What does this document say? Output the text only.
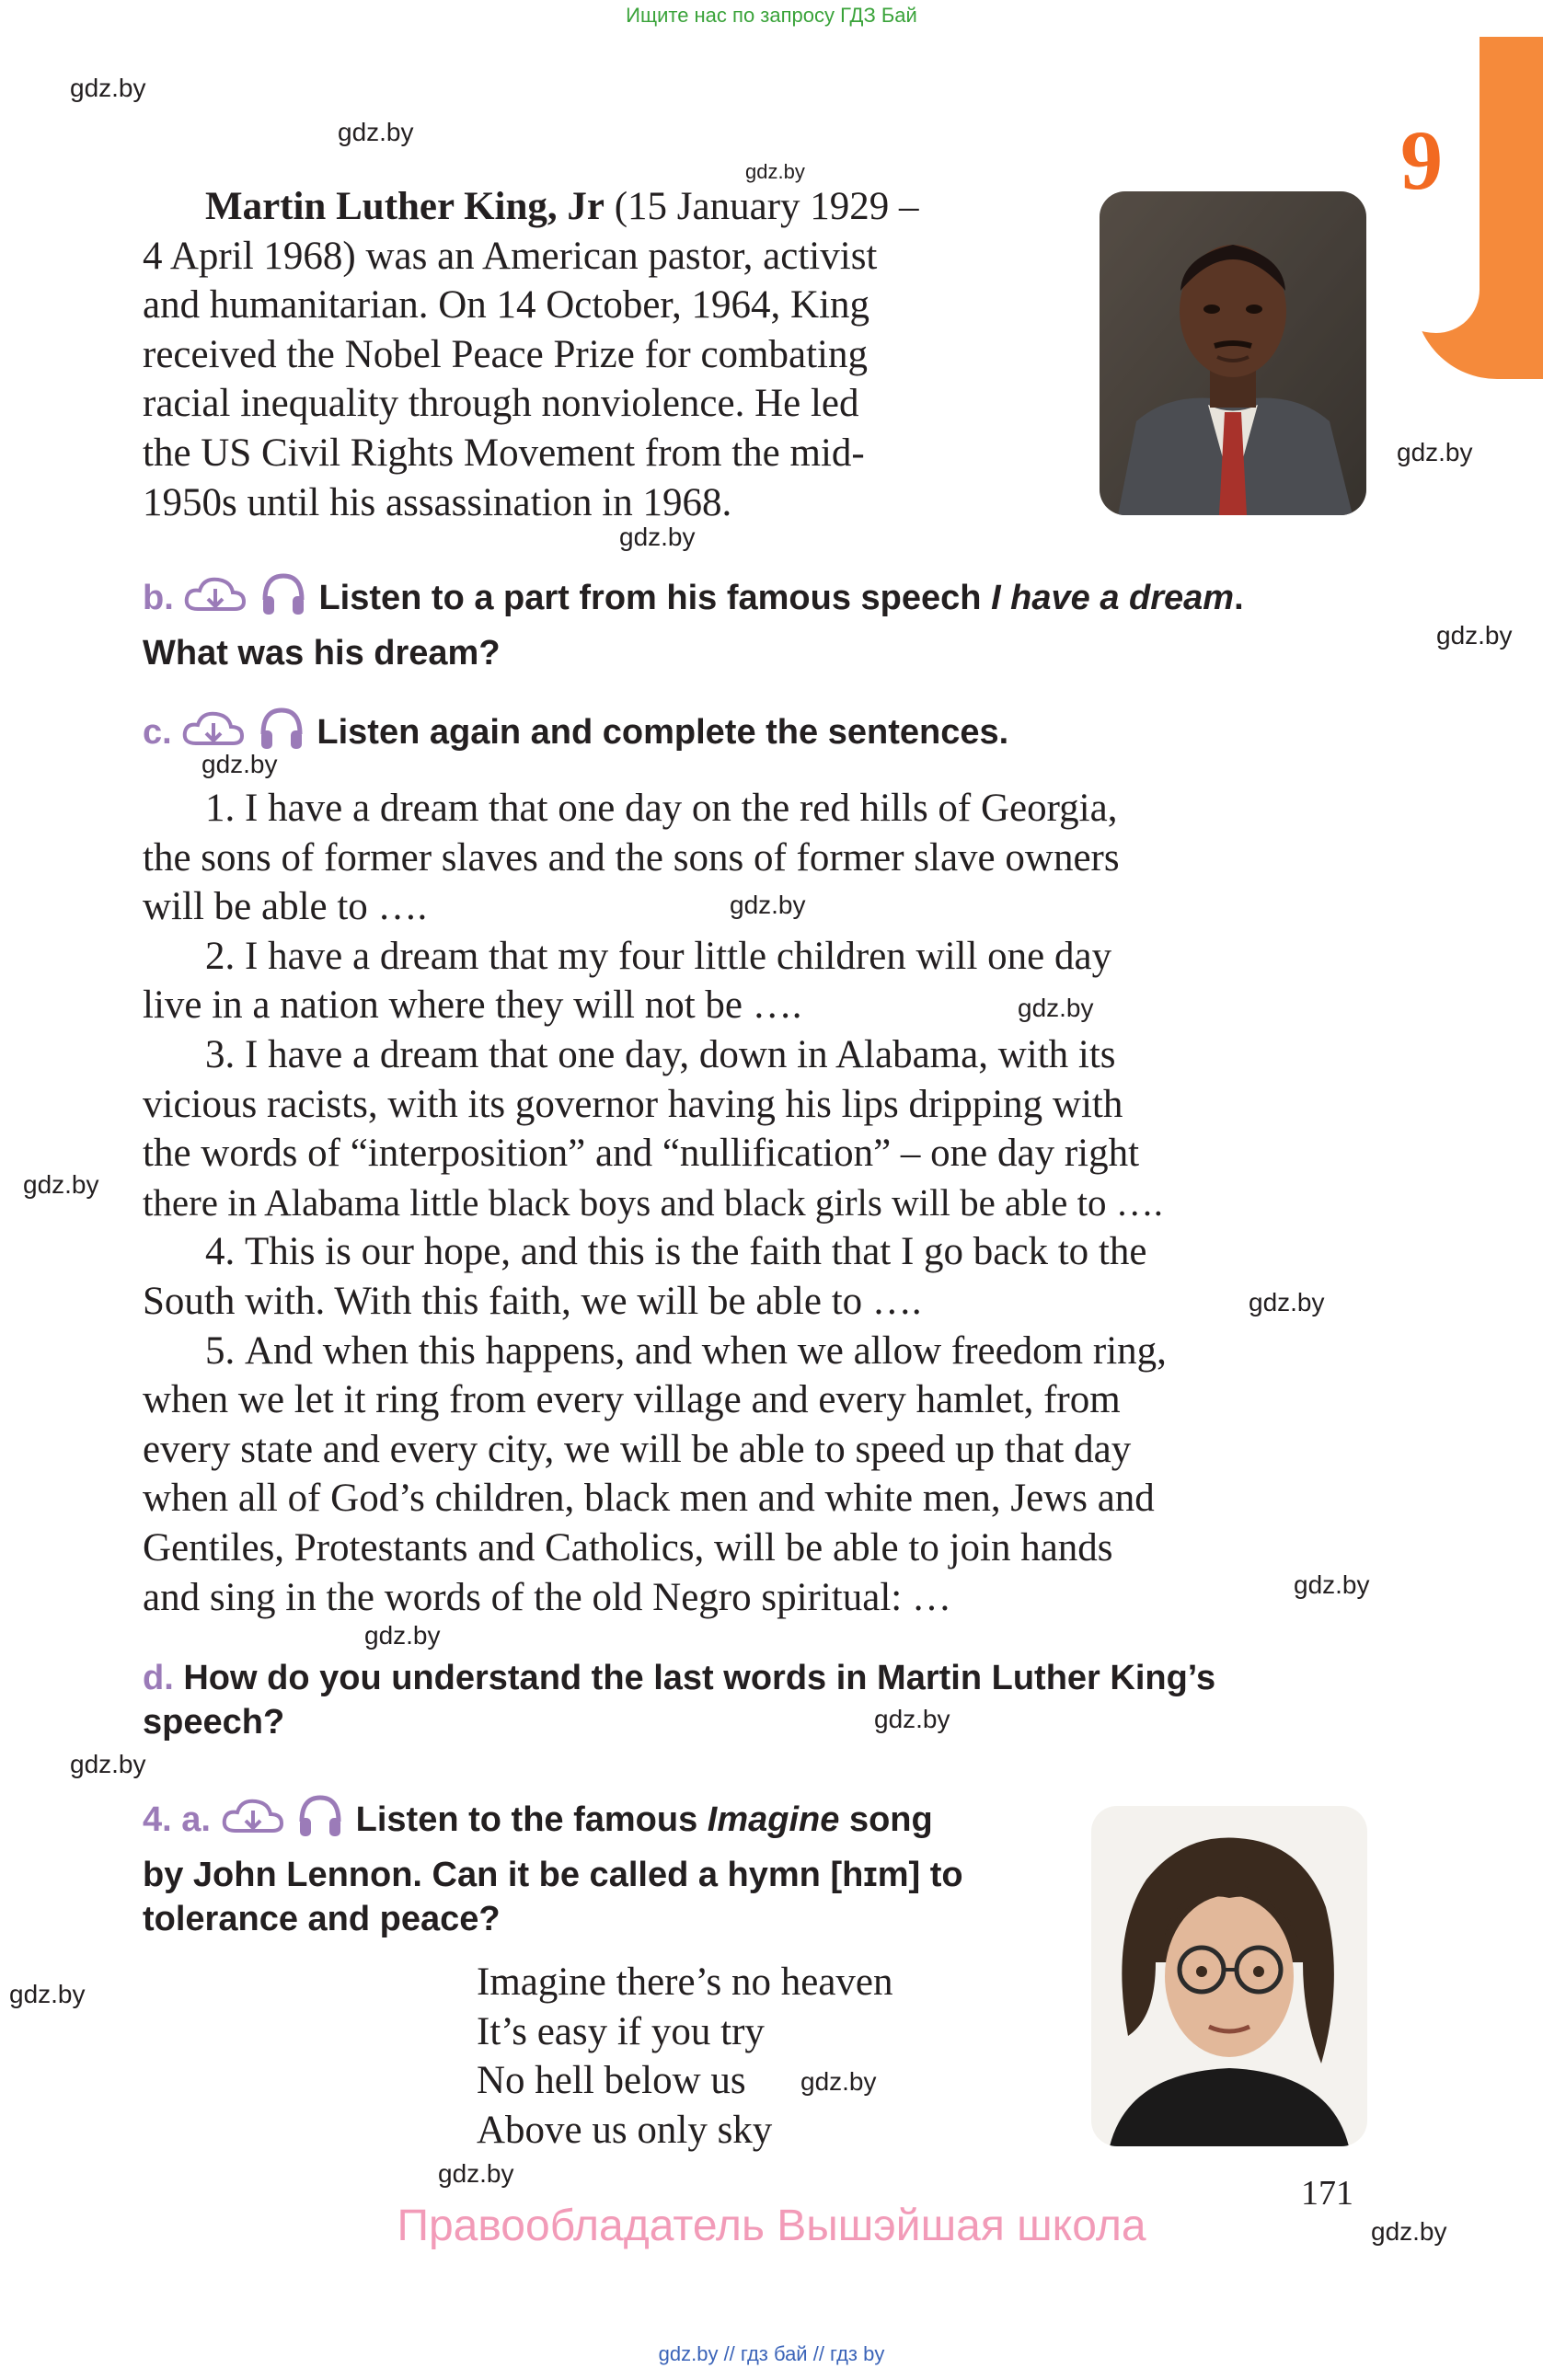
Ищите нас по запросу ГДЗ Бай
9
gdz.by
gdz.by
gdz.by
gdz.by
gdz.by
gdz.by
gdz.by
gdz.by
gdz.by
gdz.by
gdz.by
gdz.by
gdz.by
gdz.by
gdz.by
gdz.by
gdz.by
gdz.by
gdz.by
Martin Luther King, Jr (15 January 1929 –
4 April 1968) was an American pastor, activist
and humanitarian. On 14 October, 1964, King
received the Nobel Peace Prize for combating
racial inequality through nonviolence. He led
the US Civil Rights Movement from the mid-
1950s until his assassination in 1968.
b.	Listen to a part from his famous speech I have a dream.
What was his dream?
c.	Listen again and complete the sentences.
1. I have a dream that one day on the red hills of Georgia,
the sons of former slaves and the sons of former slave owners
will be able to ….
2. I have a dream that my four little children will one day
live in a nation where they will not be ….
3. I have a dream that one day, down in Alabama, with its
vicious racists, with its governor having his lips dripping with
the words of “interposition” and “nullification” – one day right
there in Alabama little black boys and black girls will be able to ….
4. This is our hope, and this is the faith that I go back to the
South with. With this faith, we will be able to ….
5. And when this happens, and when we allow freedom ring,
when we let it ring from every village and every hamlet, from
every state and every city, we will be able to speed up that day
when all of God’s children, black men and white men, Jews and
Gentiles, Protestants and Catholics, will be able to join hands
and sing in the words of the old Negro spiritual: …
d. How do you understand the last words in Martin Luther King’s
speech?
4. a.	Listen to the famous Imagine song
by John Lennon. Can it be called a hymn [hɪm] to
tolerance and peace?
Imagine there’s no heaven
It’s easy if you try
No hell below us
Above us only sky
171
Правообладатель Вышэйшая школа
gdz.by // гдз бай // гдз by
